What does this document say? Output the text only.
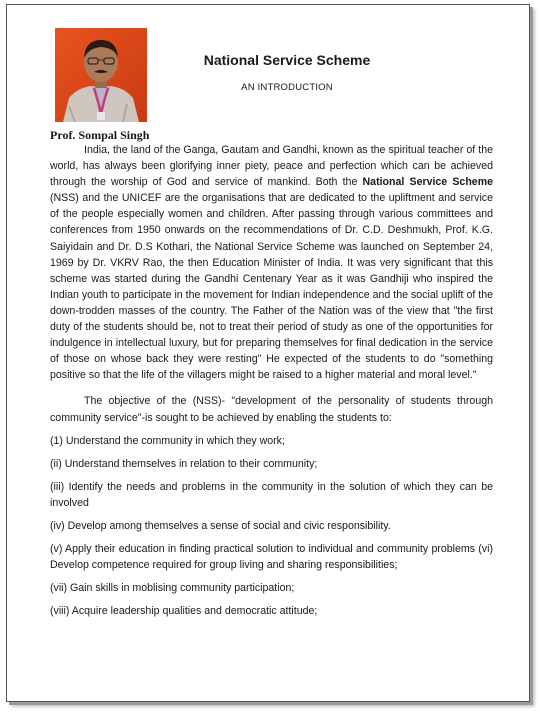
National Service Scheme
AN INTRODUCTION
Prof. Sompal Singh

India, the land of the Ganga, Gautam and Gandhi, known as the spiritual teacher of the world, has always been glorifying inner piety, peace and perfection which can be achieved through the worship of God and service of mankind. Both the National Service Scheme (NSS) and the UNICEF are the organisations that are dedicated to the upliftment and service of the people especially women and children. After passing through various committees and conferences from 1950 onwards on the recommendations of Dr. C.D. Deshmukh, Prof. K.G. Saiyidain and Dr. D.S Kothari, the National Service Scheme was launched on September 24, 1969 by Dr. VKRV Rao, the then Education Minister of India. It was very significant that this scheme was started during the Gandhi Centenary Year as it was Gandhiji who inspired the Indian youth to participate in the movement for Indian independence and the social uplift of the down-trodden masses of the country. The Father of the Nation was of the view that "the first duty of the students should be, not to treat their period of study as one of the opportunities for indulgence in intellectual luxury, but for preparing themselves for final dedication in the service of those on whose back they were resting" He expected of the students to do "something positive so that the life of the villagers might be raised to a higher material and moral level."

The objective of the (NSS)- "development of the personality of students through community service"-is sought to be achieved by enabling the students to:

(1) Understand the community in which they work;

(ii) Understand themselves in relation to their community;

(iii) Identify the needs and problems in the community in the solution of which they can be involved

(iv) Develop among themselves a sense of social and civic responsibility.

(v) Apply their education in finding practical solution to individual and community problems (vi) Develop competence required for group living and sharing responsibilities;

(vii) Gain skills in moblising community participation;

(viii) Acquire leadership qualities and democratic attitude;
